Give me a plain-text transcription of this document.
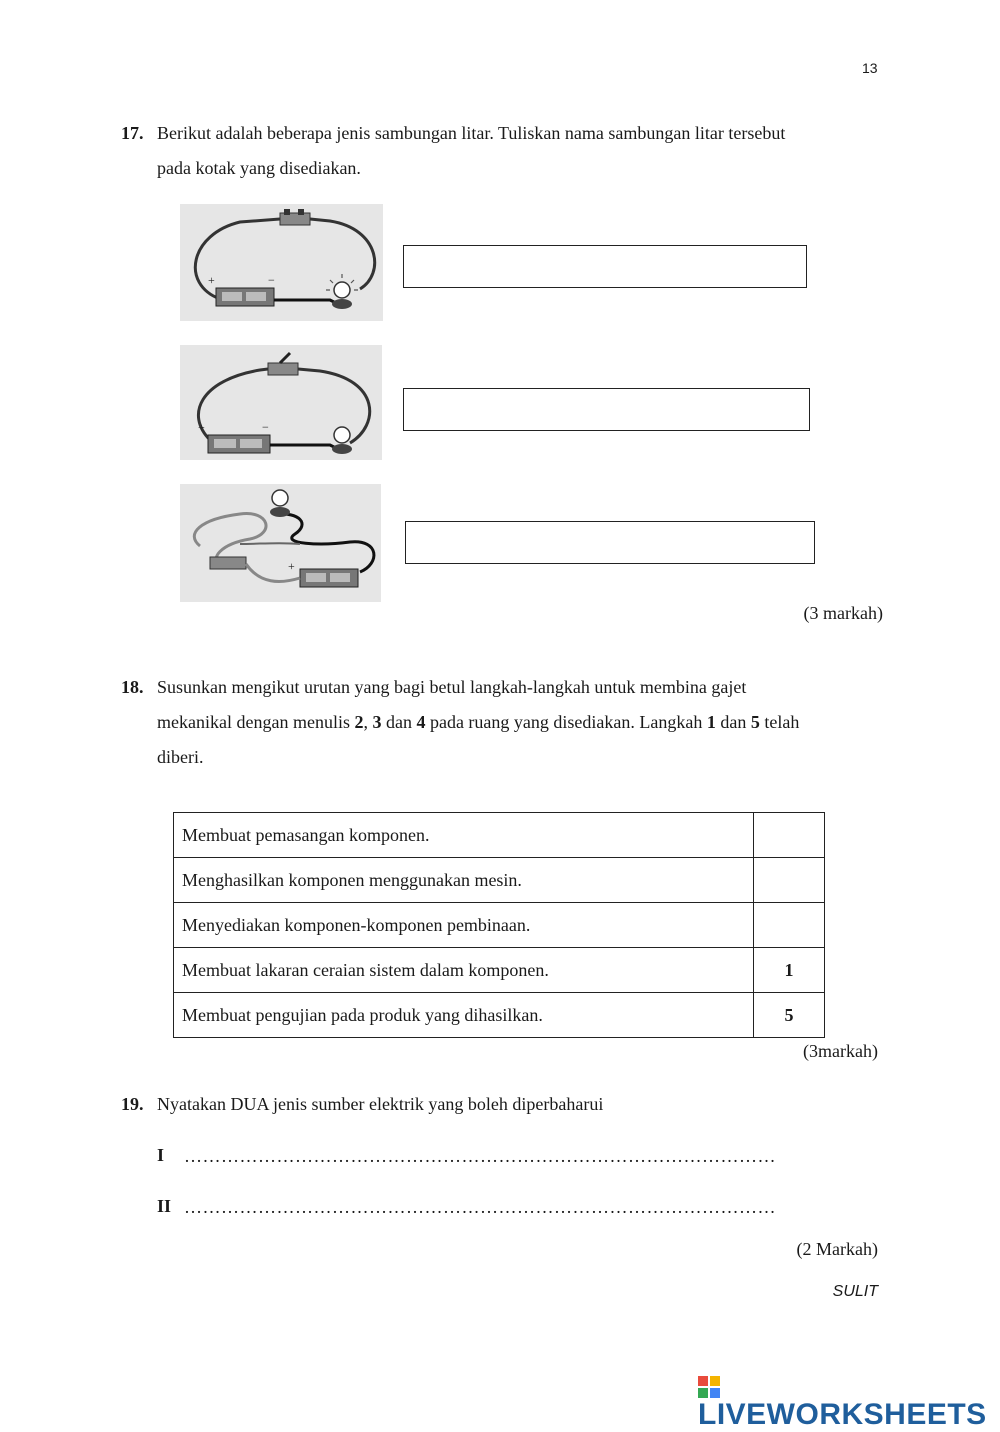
13
17. Berikut adalah beberapa jenis sambungan litar. Tuliskan nama sambungan litar tersebut
pada kotak yang disediakan.
+	−
+	−
+
(3 markah)
18. Susunkan mengikut urutan yang bagi betul langkah-langkah untuk membina gajet
mekanikal dengan menulis 2, 3 dan 4 pada ruang yang disediakan. Langkah 1 dan 5 telah
diberi.
Membuat pemasangan komponen.	
Menghasilkan komponen menggunakan mesin.	
Menyediakan komponen-komponen pembinaan.	
Membuat lakaran ceraian sistem dalam komponen.	1
Membuat pengujian pada produk yang dihasilkan.	5
(3markah)
19. Nyatakan DUA jenis sumber elektrik yang boleh diperbaharui
I ……………………………………………………………………………………
II ……………………………………………………………………………………
(2 Markah)
SULIT
LIVEWORKSHEETS
